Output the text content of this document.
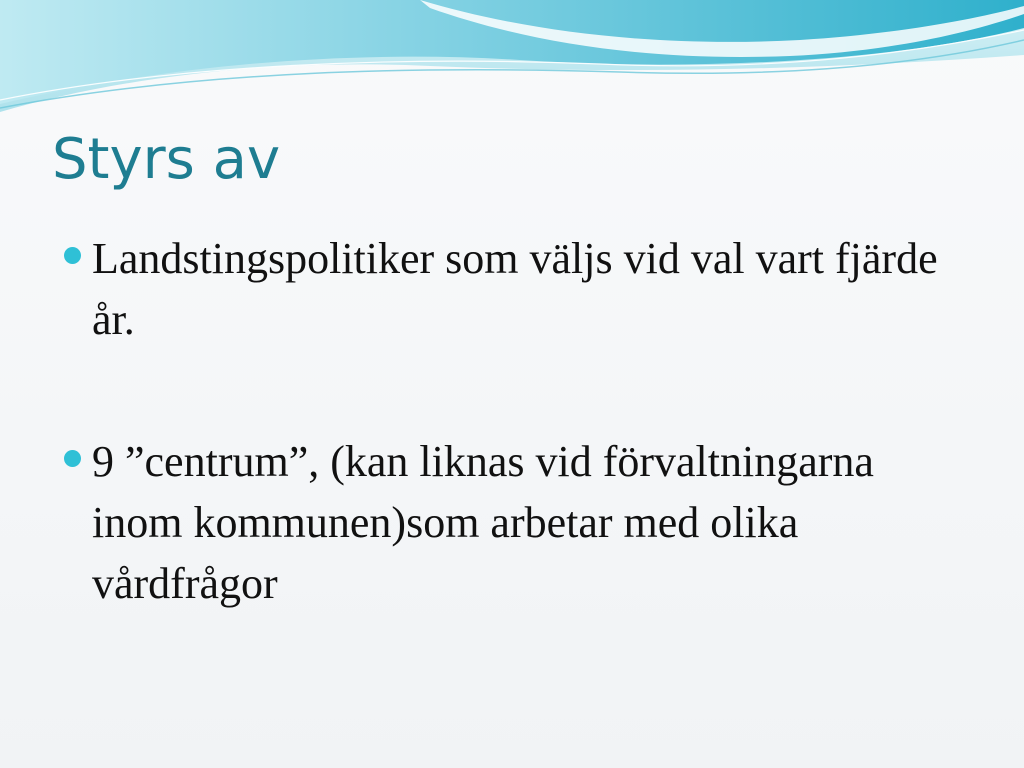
Styrs av
Landstingspolitiker som väljs vid val vart fjärde år.
9 ”centrum”, (kan liknas vid förvaltningarna inom kommunen)som arbetar med olika vårdfrågor
